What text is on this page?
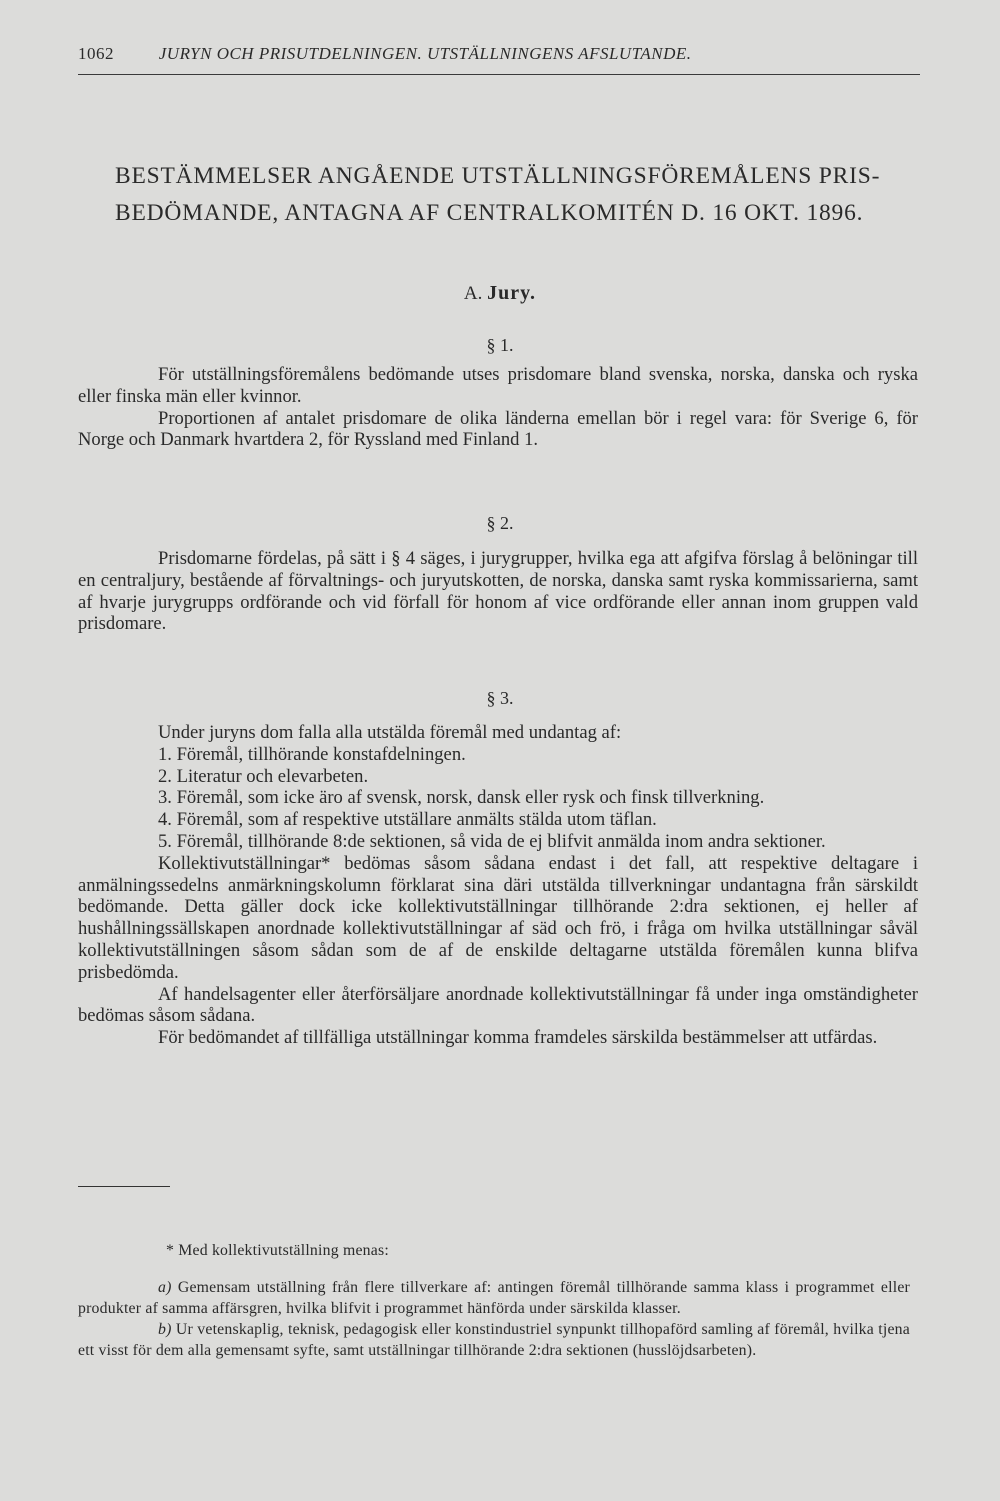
1062	JURYN OCH PRISUTDELNINGEN. UTSTÄLLNINGENS AFSLUTANDE.
BESTÄMMELSER ANGÅENDE UTSTÄLLNINGSFÖREMÅLENS PRIS-
BEDÖMANDE, ANTAGNA AF CENTRALKOMITÉN D. 16 OKT. 1896.
A. Jury.
§ 1.

För utställningsföremålens bedömande utses prisdomare bland svenska, norska, danska och ryska eller finska män eller kvinnor.

Proportionen af antalet prisdomare de olika länderna emellan bör i regel vara: för Sverige 6, för Norge och Danmark hvartdera 2, för Ryssland med Finland 1.

§ 2.

Prisdomarne fördelas, på sätt i § 4 säges, i jurygrupper, hvilka ega att afgifva förslag å belöningar till en centraljury, bestående af förvaltnings- och juryutskotten, de norska, danska samt ryska kommissarierna, samt af hvarje jurygrupps ordförande och vid förfall för honom af vice ordförande eller annan inom gruppen vald prisdomare.

§ 3.

Under juryns dom falla alla utstälda föremål med undantag af:

1. Föremål, tillhörande konstafdelningen.

2. Literatur och elevarbeten.

3. Föremål, som icke äro af svensk, norsk, dansk eller rysk och finsk tillverkning.

4. Föremål, som af respektive utställare anmälts stälda utom täflan.

5. Föremål, tillhörande 8:de sektionen, så vida de ej blifvit anmälda inom andra sektioner.

Kollektivutställningar* bedömas såsom sådana endast i det fall, att respektive deltagare i anmälningssedelns anmärkningskolumn förklarat sina däri utstälda tillverkningar undantagna från särskildt bedömande. Detta gäller dock icke kollektivutställningar tillhörande 2:dra sektionen, ej heller af hushållningssällskapen anordnade kollektivutställningar af säd och frö, i fråga om hvilka utställningar såväl kollektivutställningen såsom sådan som de af de enskilde deltagarne utstälda föremålen kunna blifva prisbedömda.

Af handelsagenter eller återförsäljare anordnade kollektivutställningar få under inga omständigheter bedömas såsom sådana.

För bedömandet af tillfälliga utställningar komma framdeles särskilda bestämmelser att utfärdas.

* Med kollektivutställning menas:

a) Gemensam utställning från flere tillverkare af: antingen föremål tillhörande samma klass i programmet eller produkter af samma affärsgren, hvilka blifvit i programmet hänförda under särskilda klasser.

b) Ur vetenskaplig, teknisk, pedagogisk eller konstindustriel synpunkt tillhopaförd samling af föremål, hvilka tjena ett visst för dem alla gemensamt syfte, samt utställningar tillhörande 2:dra sektionen (husslöjdsarbeten).
